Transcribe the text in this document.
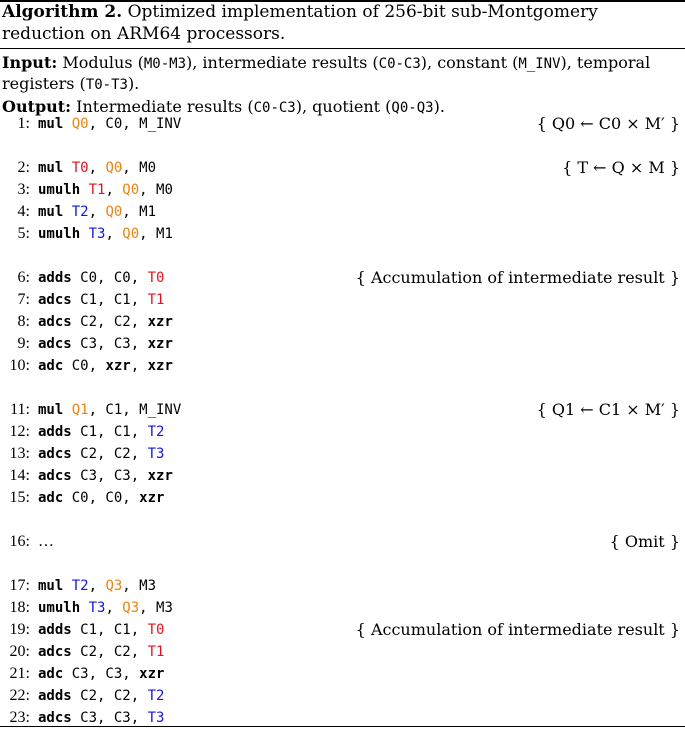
Algorithm 2. Optimized implementation of 256-bit sub-Montgomery reduction on ARM64 processors.
Input: Modulus (M0-M3), intermediate results (C0-C3), constant (M_INV), temporal registers (T0-T3).
Output: Intermediate results (C0-C3), quotient (Q0-Q3).
1: mul Q0, C0, M_INV	{ Q0 ← C0 × M′ }
2: mul T0, Q0, M0	{ T ← Q × M }
3: umulh T1, Q0, M0
4: mul T2, Q0, M1
5: umulh T3, Q0, M1
6: adds C0, C0, T0	{ Accumulation of intermediate result }
7: adcs C1, C1, T1
8: adcs C2, C2, xzr
9: adcs C3, C3, xzr
10: adc C0, xzr, xzr
11: mul Q1, C1, M_INV	{ Q1 ← C1 × M′ }
12: adds C1, C1, T2
13: adcs C2, C2, T3
14: adcs C3, C3, xzr
15: adc C0, C0, xzr
16: …	{ Omit }
17: mul T2, Q3, M3
18: umulh T3, Q3, M3
19: adds C1, C1, T0	{ Accumulation of intermediate result }
20: adcs C2, C2, T1
21: adc C3, C3, xzr
22: adds C2, C2, T2
23: adcs C3, C3, T3
